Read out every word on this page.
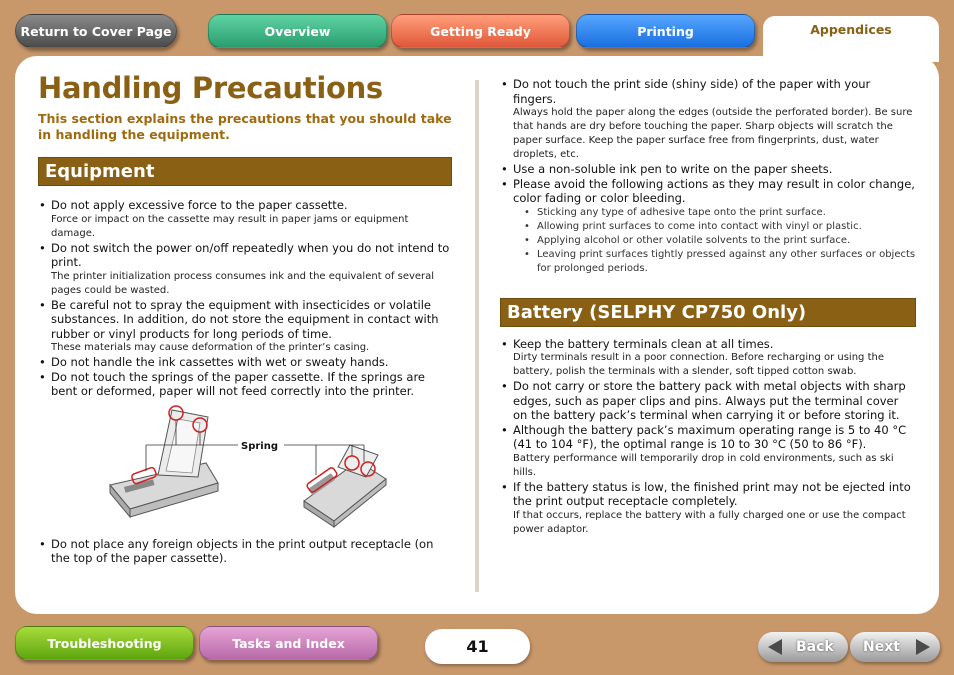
Return to Cover Page	Overview	Getting Ready	Printing	Appendices
Handling Precautions

This section explains the precautions that you should take in handling the equipment.

Equipment
• Do not apply excessive force to the paper cassette.
Force or impact on the cassette may result in paper jams or equipment damage.
• Do not switch the power on/off repeatedly when you do not intend to print.
The printer initialization process consumes ink and the equivalent of several pages could be wasted.
• Be careful not to spray the equipment with insecticides or volatile substances. In addition, do not store the equipment in contact with rubber or vinyl products for long periods of time.
These materials may cause deformation of the printer’s casing.
• Do not handle the ink cassettes with wet or sweaty hands.
• Do not touch the springs of the paper cassette. If the springs are bent or deformed, paper will not feed correctly into the printer.
Spring
• Do not place any foreign objects in the print output receptacle (on the top of the paper cassette).
• Do not touch the print side (shiny side) of the paper with your fingers.
Always hold the paper along the edges (outside the perforated border). Be sure that hands are dry before touching the paper. Sharp objects will scratch the paper surface. Keep the paper surface free from fingerprints, dust, water droplets, etc.
• Use a non-soluble ink pen to write on the paper sheets.
• Please avoid the following actions as they may result in color change, color fading or color bleeding.
• Sticking any type of adhesive tape onto the print surface.
• Allowing print surfaces to come into contact with vinyl or plastic.
• Applying alcohol or other volatile solvents to the print surface.
• Leaving print surfaces tightly pressed against any other surfaces or objects for prolonged periods.
Battery (SELPHY CP750 Only)
• Keep the battery terminals clean at all times.
Dirty terminals result in a poor connection. Before recharging or using the battery, polish the terminals with a slender, soft tipped cotton swab.
• Do not carry or store the battery pack with metal objects with sharp edges, such as paper clips and pins. Always put the terminal cover on the battery pack’s terminal when carrying it or before storing it.
• Although the battery pack’s maximum operating range is 5 to 40 °C (41 to 104 °F), the optimal range is 10 to 30 °C (50 to 86 °F).
Battery performance will temporarily drop in cold environments, such as ski hills.
• If the battery status is low, the finished print may not be ejected into the print output receptacle completely.
If that occurs, replace the battery with a fully charged one or use the compact power adaptor.
Troubleshooting	Tasks and Index	41	Back Next
